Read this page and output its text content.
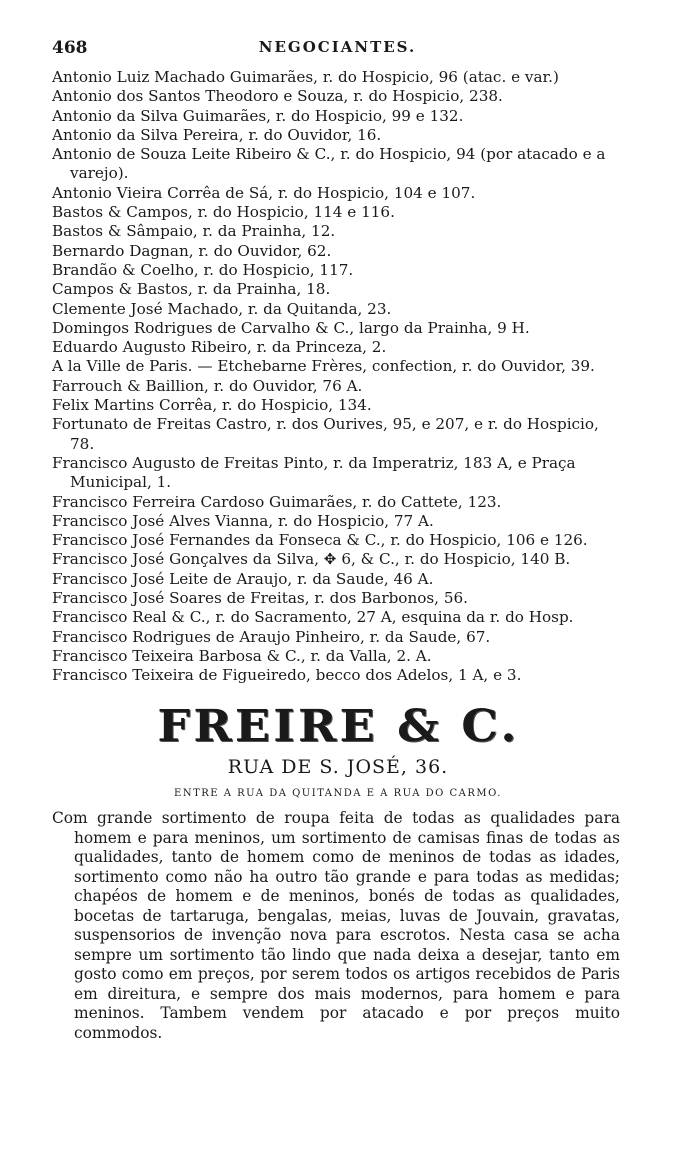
468	NEGOCIANTES.
Antonio Luiz Machado Guimarães, r. do Hospicio, 96 (atac. e var.)
Antonio dos Santos Theodoro e Souza, r. do Hospicio, 238.
Antonio da Silva Guimarães, r. do Hospicio, 99 e 132.
Antonio da Silva Pereira, r. do Ouvidor, 16.
Antonio de Souza Leite Ribeiro & C., r. do Hospicio, 94 (por atacado e a varejo).
Antonio Vieira Corrêa de Sá, r. do Hospicio, 104 e 107.
Bastos & Campos, r. do Hospicio, 114 e 116.
Bastos & Sâmpaio, r. da Prainha, 12.
Bernardo Dagnan, r. do Ouvidor, 62.
Brandão & Coelho, r. do Hospicio, 117.
Campos & Bastos, r. da Prainha, 18.
Clemente José Machado, r. da Quitanda, 23.
Domingos Rodrigues de Carvalho & C., largo da Prainha, 9 H.
Eduardo Augusto Ribeiro, r. da Princeza, 2.
A la Ville de Paris. — Etchebarne Frères, confection, r. do Ouvidor, 39.
Farrouch & Baillion, r. do Ouvidor, 76 A.
Felix Martins Corrêa, r. do Hospicio, 134.
Fortunato de Freitas Castro, r. dos Ourives, 95, e 207, e r. do Hospicio, 78.
Francisco Augusto de Freitas Pinto, r. da Imperatriz, 183 A, e Praça Municipal, 1.
Francisco Ferreira Cardoso Guimarães, r. do Cattete, 123.
Francisco José Alves Vianna, r. do Hospicio, 77 A.
Francisco José Fernandes da Fonseca & C., r. do Hospicio, 106 e 126.
Francisco José Gonçalves da Silva, ✥ 6, & C., r. do Hospicio, 140 B.
Francisco José Leite de Araujo, r. da Saude, 46 A.
Francisco José Soares de Freitas, r. dos Barbonos, 56.
Francisco Real & C., r. do Sacramento, 27 A, esquina da r. do Hosp.
Francisco Rodrigues de Araujo Pinheiro, r. da Saude, 67.
Francisco Teixeira Barbosa & C., r. da Valla, 2. A.
Francisco Teixeira de Figueiredo, becco dos Adelos, 1 A, e 3.
FREIRE & C.
RUA DE S. JOSÉ, 36.
ENTRE A RUA DA QUITANDA E A RUA DO CARMO.
Com grande sortimento de roupa feita de todas as qualidades para homem e para meninos, um sortimento de camisas finas de todas as qualidades, tanto de homem como de meninos de todas as idades, sortimento como não ha outro tão grande e para todas as medidas; chapéos de homem e de meninos, bonés de todas as qualidades, bocetas de tartaruga, bengalas, meias, luvas de Jouvain, gravatas, suspensorios de invenção nova para escrotos. Nesta casa se acha sempre um sortimento tão lindo que nada deixa a desejar, tanto em gosto como em preços, por serem todos os artigos recebidos de Paris em direitura, e sempre dos mais modernos, para homem e para meninos. Tambem vendem por atacado e por preços muito commodos.
